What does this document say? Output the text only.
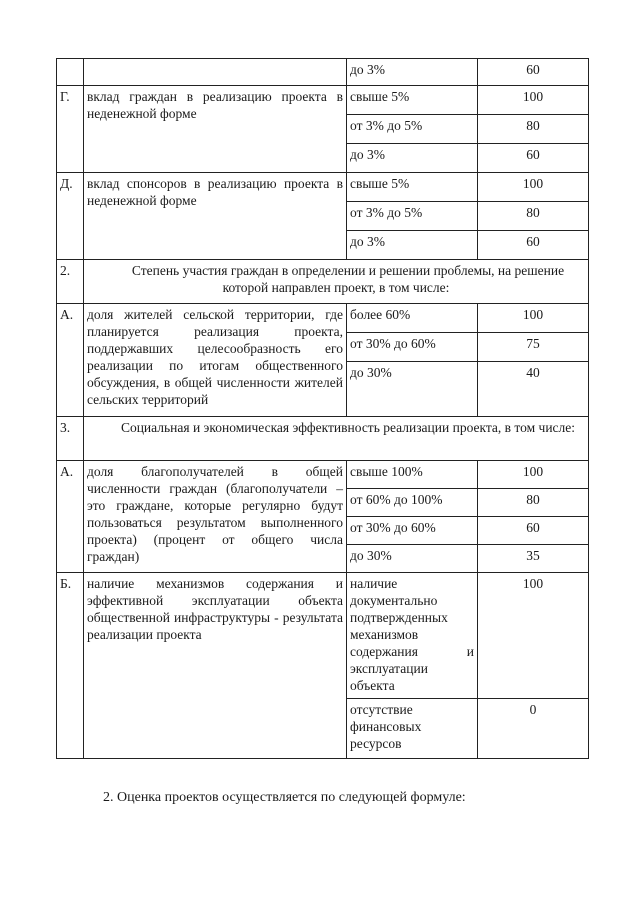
		до 3%	60
Г.	вклад граждан в реализацию проекта в неденежной форме	свыше 5%	100
		от 3% до 5%	80
		до 3%	60
Д.	вклад спонсоров в реализацию проекта в неденежной форме	свыше 5%	100
		от 3% до 5%	80
		до 3%	60
2.	Степень участия граждан в определении и решении проблемы, на решение которой направлен проект, в том числе:		

А.	доля жителей сельской территории, где планируется реализация проекта, поддержавших целесообразность его реализации по итогам общественного обсуждения, в общей численности жителей сельских территорий	более 60%	100
		от 30% до 60%	75
		до 30%	40
3.	Социальная и экономическая эффективность реализации проекта, в том числе:		

А.	доля благополучателей в общей численности граждан (благополучатели – это граждане, которые регулярно будут пользоваться результатом выполненного проекта) (процент от общего числа граждан)	свыше 100%	100
		от 60% до 100%	80
		от 30% до 60%	60
		до 30%	35
Б.	наличие механизмов содержания и эффективной эксплуатации объекта общественной инфраструктуры - результата реализации проекта	наличие документально подтвержденных механизмов содержания и эксплуатации объекта	100
		отсутствие финансовых ресурсов	0
2. Оценка проектов осуществляется по следующей формуле:
